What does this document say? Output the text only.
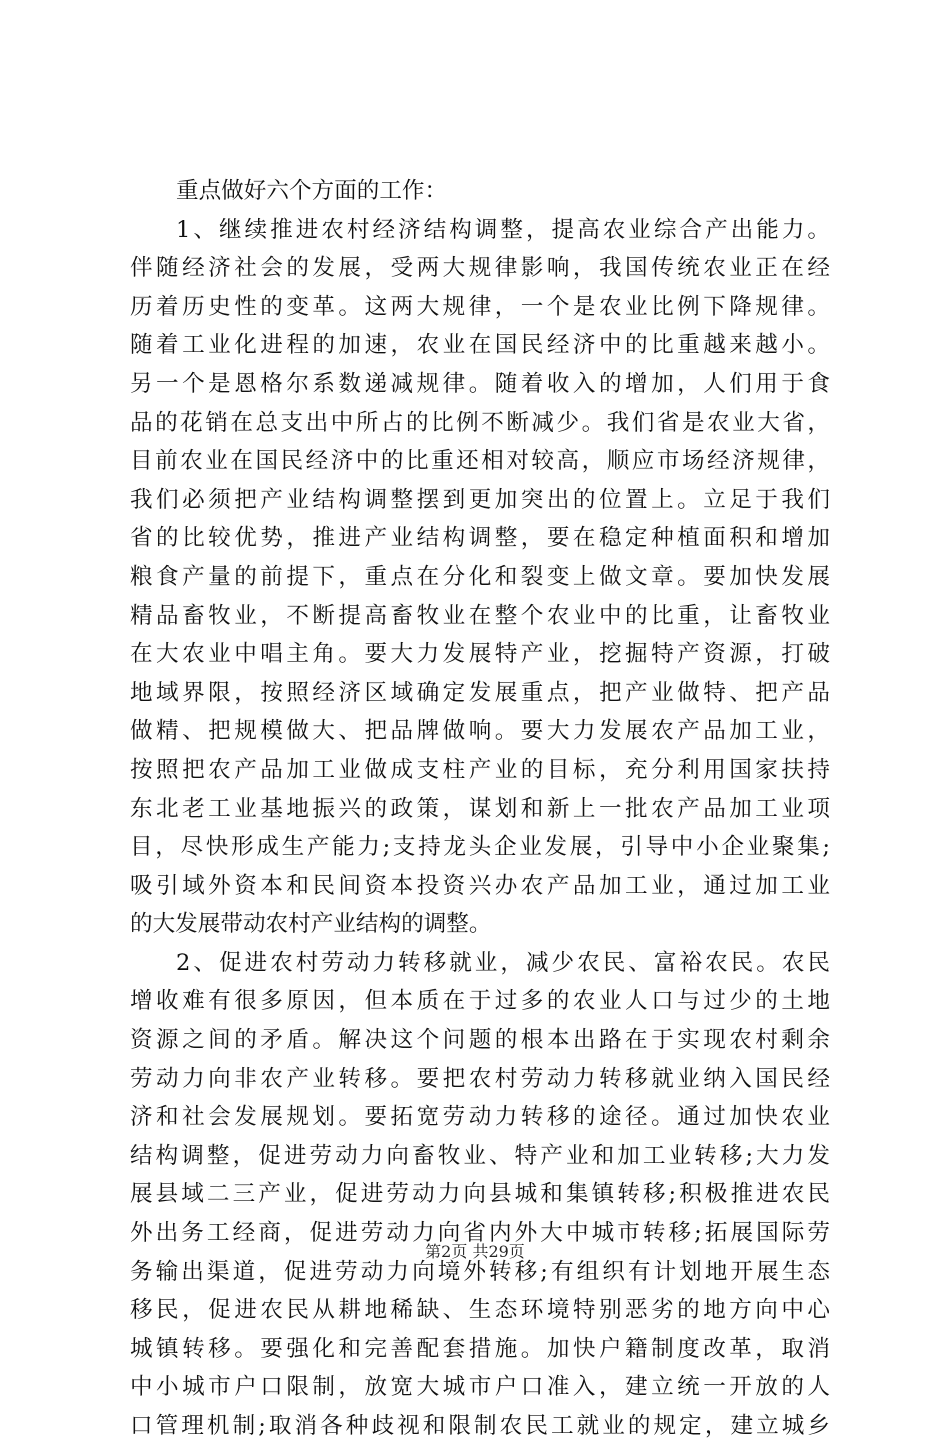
重点做好六个方面的工作：
1、继续推进农村经济结构调整，提高农业综合产出能力。
伴随经济社会的发展，受两大规律影响，我国传统农业正在经
历着历史性的变革。这两大规律，一个是农业比例下降规律。
随着工业化进程的加速，农业在国民经济中的比重越来越小。
另一个是恩格尔系数递减规律。随着收入的增加，人们用于食
品的花销在总支出中所占的比例不断减少。我们省是农业大省，
目前农业在国民经济中的比重还相对较高，顺应市场经济规律，
我们必须把产业结构调整摆到更加突出的位置上。立足于我们
省的比较优势，推进产业结构调整，要在稳定种植面积和增加
粮食产量的前提下，重点在分化和裂变上做文章。要加快发展
精品畜牧业，不断提高畜牧业在整个农业中的比重，让畜牧业
在大农业中唱主角。要大力发展特产业，挖掘特产资源，打破
地域界限，按照经济区域确定发展重点，把产业做特、把产品
做精、把规模做大、把品牌做响。要大力发展农产品加工业，
按照把农产品加工业做成支柱产业的目标，充分利用国家扶持
东北老工业基地振兴的政策，谋划和新上一批农产品加工业项
目，尽快形成生产能力;支持龙头企业发展，引导中小企业聚集;
吸引域外资本和民间资本投资兴办农产品加工业，通过加工业
的大发展带动农村产业结构的调整。
2、促进农村劳动力转移就业，减少农民、富裕农民。农民
增收难有很多原因，但本质在于过多的农业人口与过少的土地
资源之间的矛盾。解决这个问题的根本出路在于实现农村剩余
劳动力向非农产业转移。要把农村劳动力转移就业纳入国民经
济和社会发展规划。要拓宽劳动力转移的途径。通过加快农业
结构调整，促进劳动力向畜牧业、特产业和加工业转移;大力发
展县域二三产业，促进劳动力向县城和集镇转移;积极推进农民
外出务工经商，促进劳动力向省内外大中城市转移;拓展国际劳
务输出渠道，促进劳动力向境外转移;有组织有计划地开展生态
移民，促进农民从耕地稀缺、生态环境特别恶劣的地方向中心
城镇转移。要强化和完善配套措施。加快户籍制度改革，取消
中小城市户口限制，放宽大城市户口准入，建立统一开放的人
口管理机制;取消各种歧视和限制农民工就业的规定，建立城乡
第2页 共29页
